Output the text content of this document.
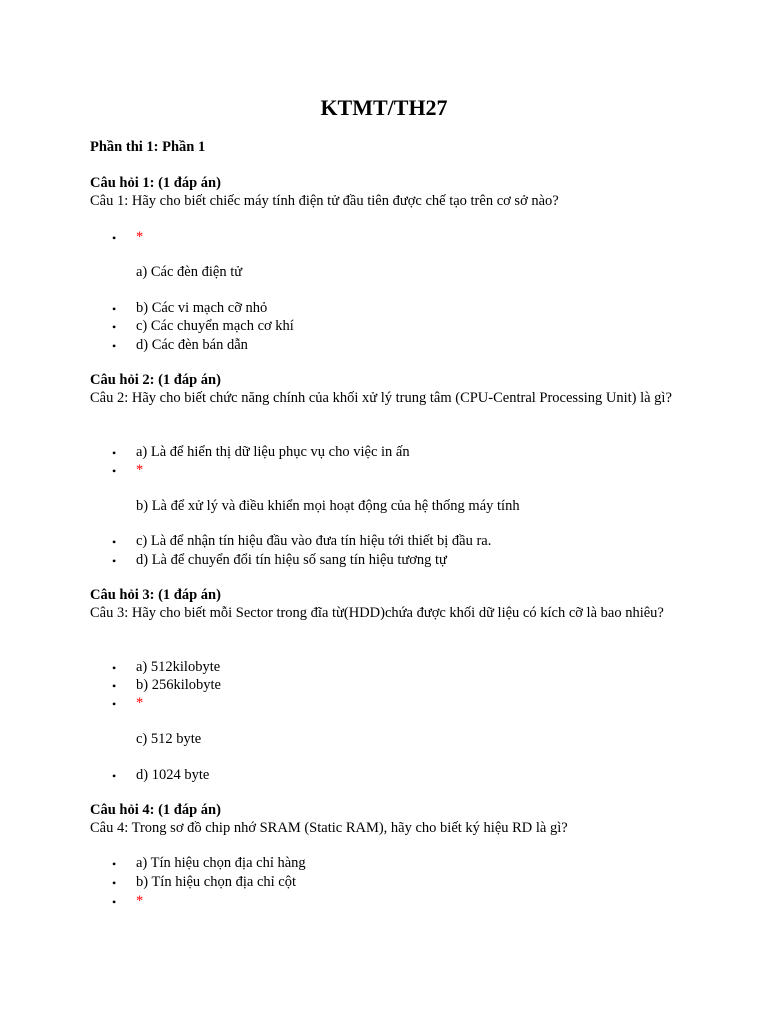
KTMT/TH27
Phần thi 1: Phần 1
Câu hỏi 1: (1 đáp án)
Câu 1: Hãy cho biết chiếc máy tính điện tử đầu tiên được chế tạo trên cơ sở nào?
• *
a) Các đèn điện tử
• b) Các vi mạch cỡ nhỏ
• c) Các chuyển mạch cơ khí
• d) Các đèn bán dẫn
Câu hỏi 2: (1 đáp án)
Câu 2: Hãy cho biết chức năng chính của khối xử lý trung tâm (CPU-Central Processing Unit) là gì?
• a) Là để hiển thị dữ liệu phục vụ cho việc in ấn
• *
b) Là để xử lý và điều khiển mọi hoạt động của hệ thống máy tính
• c) Là để nhận tín hiệu đầu vào đưa tín hiệu tới thiết bị đầu ra.
• d) Là để chuyển đổi tín hiệu số sang tín hiệu tương tự
Câu hỏi 3: (1 đáp án)
Câu 3: Hãy cho biết mỗi Sector trong đĩa từ(HDD)chứa được khối dữ liệu có kích cỡ là bao nhiêu?
• a) 512kilobyte
• b) 256kilobyte
• *
c) 512 byte
• d) 1024 byte
Câu hỏi 4: (1 đáp án)
Câu 4: Trong sơ đồ chip nhớ SRAM (Static RAM), hãy cho biết ký hiệu RD là gì?
• a) Tín hiệu chọn địa chỉ hàng
• b) Tín hiệu chọn địa chỉ cột
• *
